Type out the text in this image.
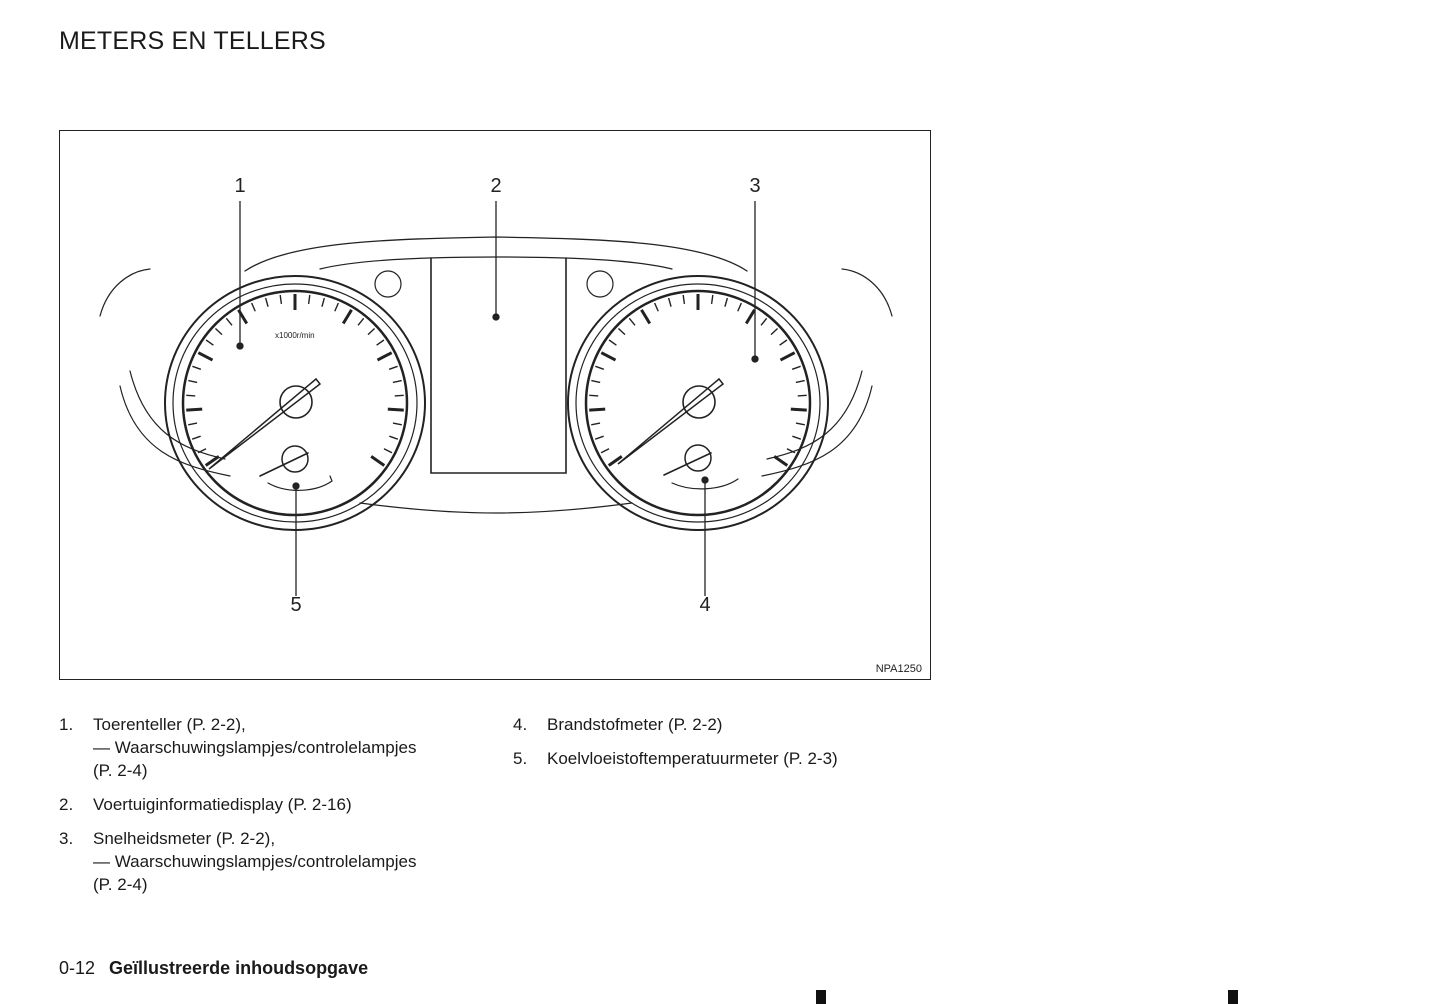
METERS EN TELLERS
x1000r/min
1	2	3
4
5
NPA1250
1. Toerenteller (P. 2-2),
— Waarschuwingslampjes/controlelampjes
(P. 2-4)
2. Voertuiginformatiedisplay (P. 2-16)
3. Snelheidsmeter (P. 2-2),
— Waarschuwingslampjes/controlelampjes
(P. 2-4)
4. Brandstofmeter (P. 2-2)
5. Koelvloeistoftemperatuurmeter (P. 2-3)
0-12 Geïllustreerde inhoudsopgave
